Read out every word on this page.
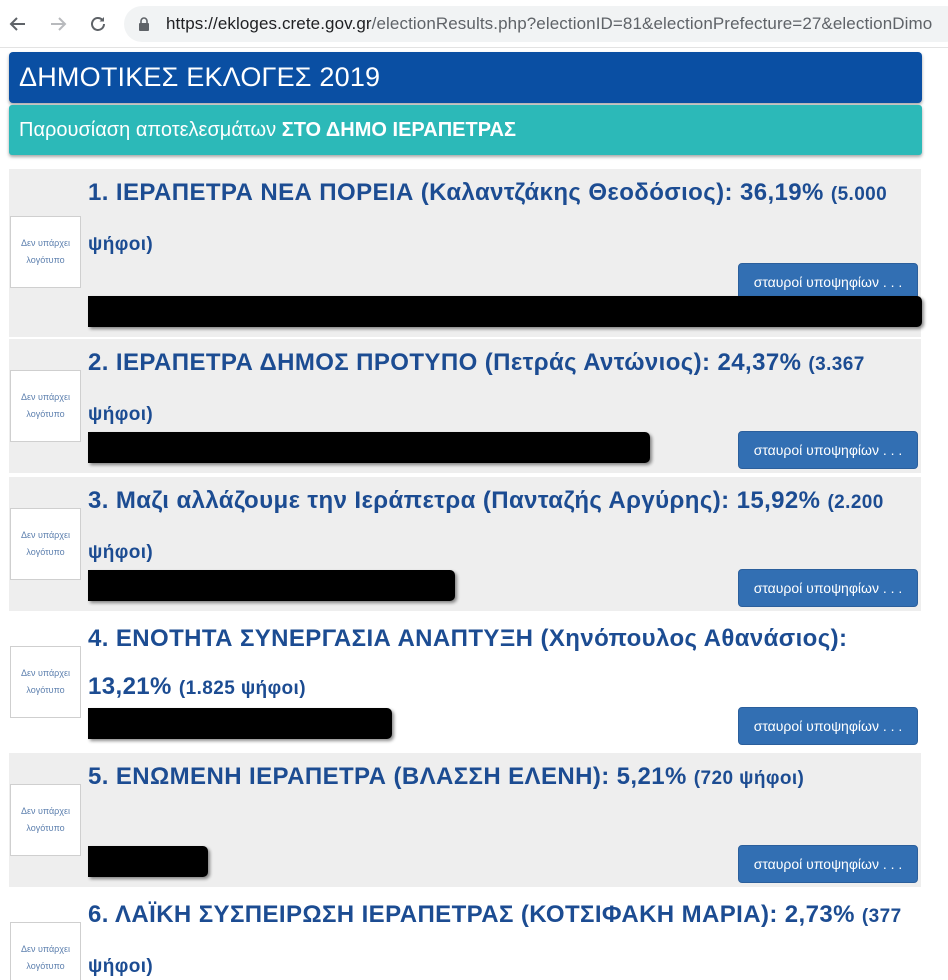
https://ekloges.crete.gov.gr/electionResults.php?electionID=81&electionPrefecture=27&electionDimo
ΔΗΜΟΤΙΚΕΣ ΕΚΛΟΓΕΣ 2019
Παρουσίαση αποτελεσμάτων ΣΤΟ ΔΗΜΟ ΙΕΡΑΠΕΤΡΑΣ
Δεν υπάρχει
λογότυπο
1. ΙΕΡΑΠΕΤΡΑ ΝΕΑ ΠΟΡΕΙΑ (Καλαντζάκης Θεοδόσιος): 36,19% (5.000 ψήφοι)
σταυροί υποψηφίων . . .
Δεν υπάρχει
λογότυπο
2. ΙΕΡΑΠΕΤΡΑ ΔΗΜΟΣ ΠΡΟΤΥΠΟ (Πετράς Αντώνιος): 24,37% (3.367 ψήφοι)
σταυροί υποψηφίων . . .
Δεν υπάρχει
λογότυπο
3. Μαζι αλλάζουμε την Ιεράπετρα (Πανταζής Αργύρης): 15,92% (2.200 ψήφοι)
σταυροί υποψηφίων . . .
Δεν υπάρχει
λογότυπο
4. ΕΝΟΤΗΤΑ ΣΥΝΕΡΓΑΣΙΑ ΑΝΑΠΤΥΞΗ (Χηνόπουλος Αθανάσιος): 13,21% (1.825 ψήφοι)
σταυροί υποψηφίων . . .
Δεν υπάρχει
λογότυπο
5. ΕΝΩΜΕΝΗ ΙΕΡΑΠΕΤΡΑ (ΒΛΑΣΣΗ ΕΛΕΝΗ): 5,21% (720 ψήφοι)
σταυροί υποψηφίων . . .
Δεν υπάρχει
λογότυπο
6. ΛΑΪΚΗ ΣΥΣΠΕΙΡΩΣΗ ΙΕΡΑΠΕΤΡΑΣ (ΚΟΤΣΙΦΑΚΗ ΜΑΡΙΑ): 2,73% (377 ψήφοι)
